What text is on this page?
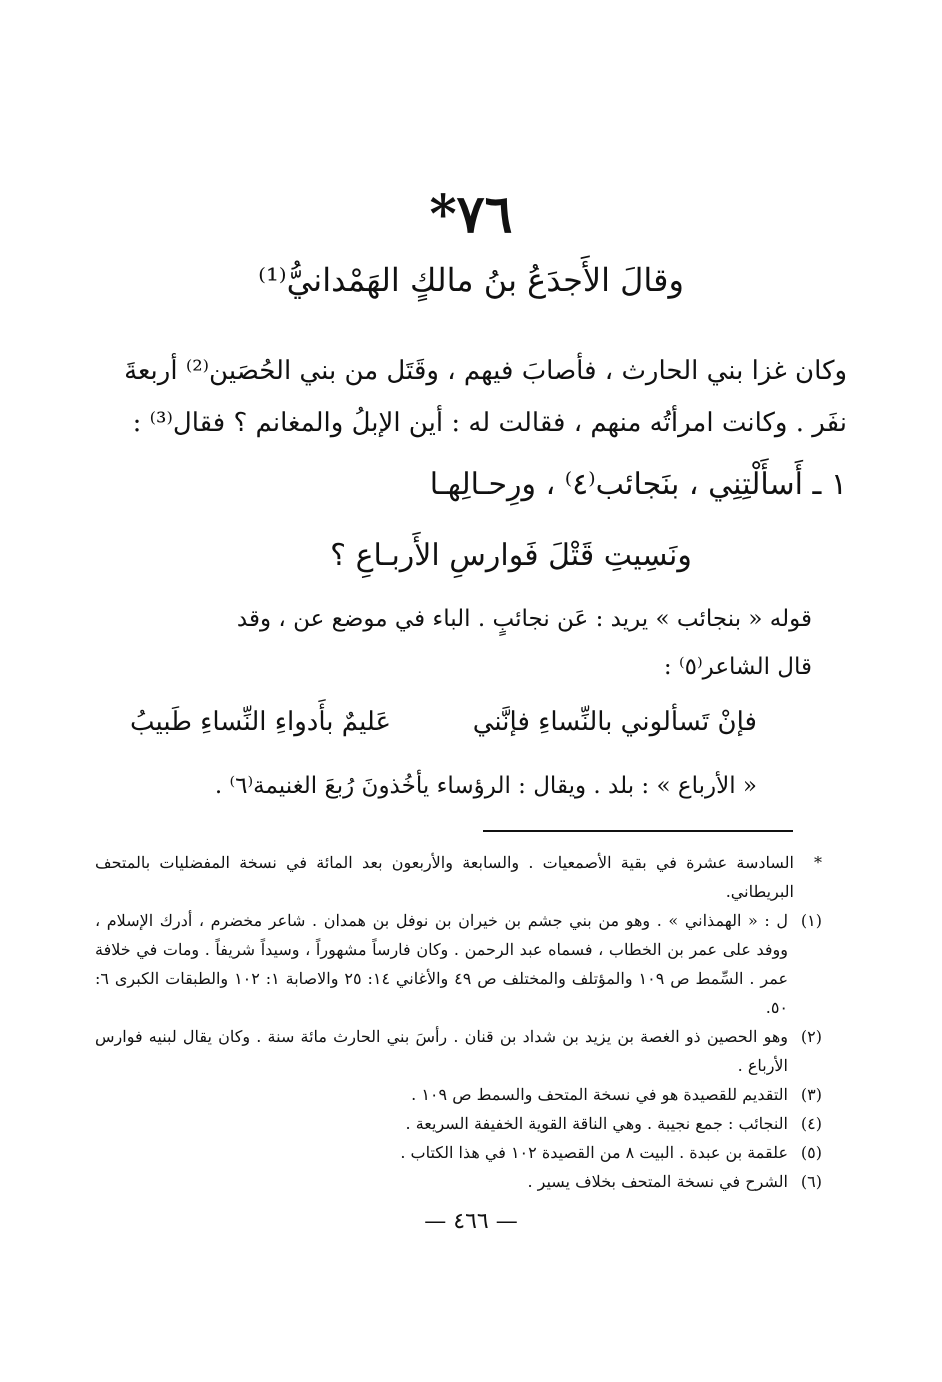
٧٦*
وقالَ الأَجدَعُ بنُ مالكٍ الهَمْدانيُّ⁽¹⁾

وكان غزا بني الحارث ، فأصابَ فيهم ، وقَتَل من بني الحُصَين⁽²⁾ أربعةَ

نفَر . وكانت امرأتُه منهم ، فقالت له : أين الإبلُ والمغانم ؟ فقال⁽³⁾ :

١ ـ أَسأَلْتِنِي ، بنَجائب⁽٤⁾ ، ورِحـالِهـا
ونَسِيتِ قَتْلَ فَوارسِ الأَربـاعِ ؟

قوله « بنجائب » يريد : عَن نجائبٍ . الباء في موضع عن ، وقد

قال الشاعر⁽٥⁾ :

فإنْ تَسألوني بالنِّساءِ فإنَّني
عَليمٌ بأَدواءِ النِّساءِ طَبيبُ
« الأرباع » : بلد . ويقال : الرؤساء يأخُذونَ رُبعَ الغنيمة⁽٦⁾ .
*
السادسة عشرة في بقية الأصمعيات . والسابعة والأربعون بعد المائة في نسخة المفضليات بالمتحف البريطاني.
(١)
ل : « الهمذاني » . وهو من بني جشم بن خيران بن نوفل بن همدان . شاعر مخضرم ، أدرك الإسلام ، ووفد على عمر بن الخطاب ، فسماه عبد الرحمن . وكان فارساً مشهوراً ، وسيداً شريفاً . ومات في خلافة عمر . السِّمط ص ١٠٩ والمؤتلف والمختلف ص ٤٩ والأغاني ١٤: ٢٥ والاصابة ١: ١٠٢ والطبقات الكبرى ٦: ٥٠.
(٢)
وهو الحصين ذو الغصة بن يزيد بن شداد بن قنان . رأسَ بني الحارث مائة سنة . وكان يقال لبنيه فوارس الأرباع .
(٣)
التقديم للقصيدة هو في نسخة المتحف والسمط ص ١٠٩ .
(٤)
النجائب : جمع نجيبة . وهي الناقة القوية الخفيفة السريعة .
(٥)
علقمة بن عبدة . البيت ٨ من القصيدة ١٠٢ في هذا الكتاب .
(٦)
الشرح في نسخة المتحف بخلاف يسير .
— ٤٦٦ —
